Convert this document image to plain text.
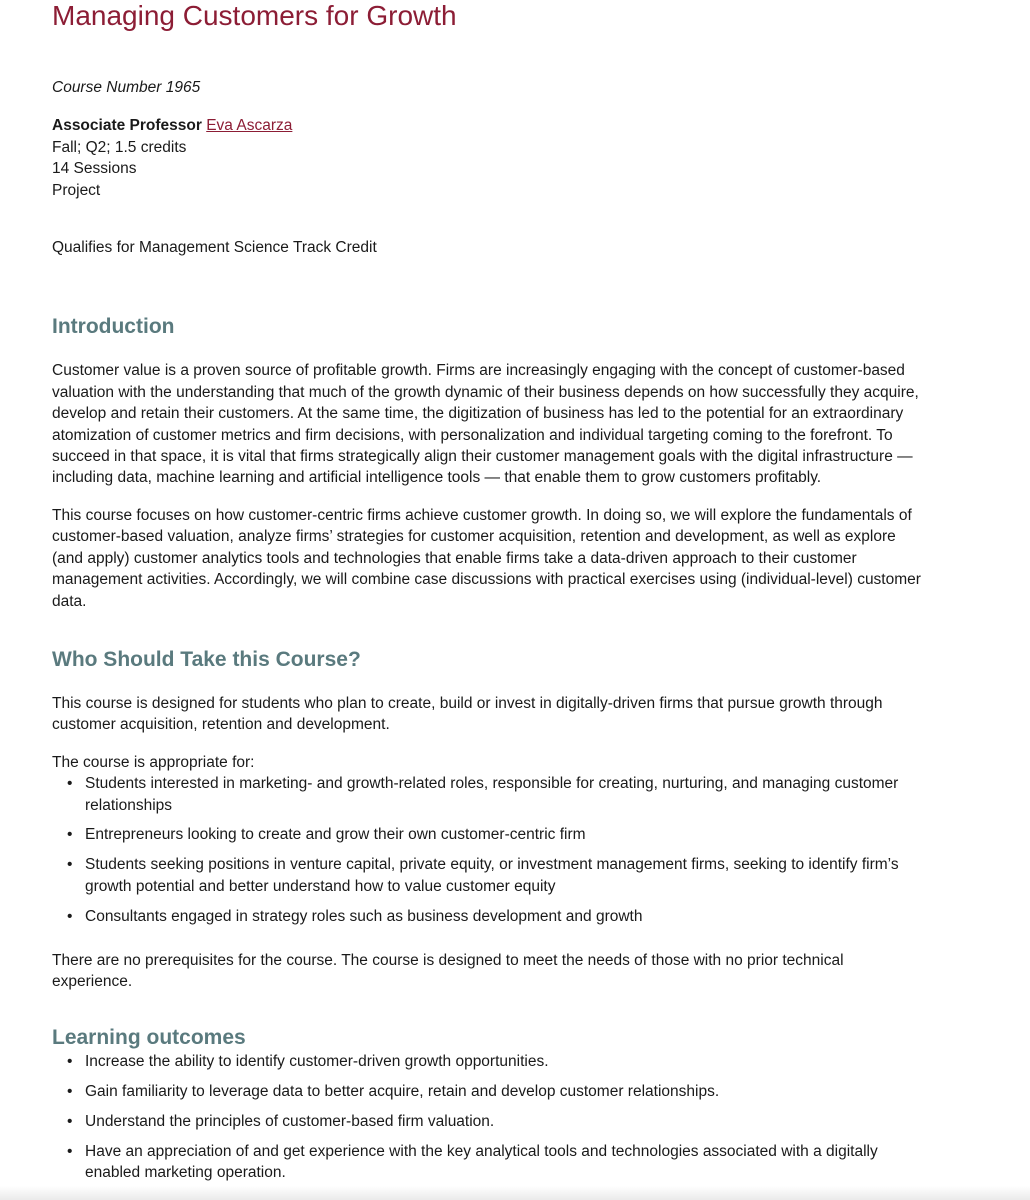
Managing Customers for Growth

Course Number 1965

Associate Professor Eva Ascarza
Fall; Q2; 1.5 credits
14 Sessions
Project

Qualifies for Management Science Track Credit

Introduction

Customer value is a proven source of profitable growth. Firms are increasingly engaging with the concept of customer-based valuation with the understanding that much of the growth dynamic of their business depends on how successfully they acquire, develop and retain their customers. At the same time, the digitization of business has led to the potential for an extraordinary atomization of customer metrics and firm decisions, with personalization and individual targeting coming to the forefront. To succeed in that space, it is vital that firms strategically align their customer management goals with the digital infrastructure — including data, machine learning and artificial intelligence tools — that enable them to grow customers profitably.

This course focuses on how customer-centric firms achieve customer growth. In doing so, we will explore the fundamentals of customer-based valuation, analyze firms’ strategies for customer acquisition, retention and development, as well as explore (and apply) customer analytics tools and technologies that enable firms take a data-driven approach to their customer management activities. Accordingly, we will combine case discussions with practical exercises using (individual-level) customer data.

Who Should Take this Course?

This course is designed for students who plan to create, build or invest in digitally-driven firms that pursue growth through customer acquisition, retention and development.

The course is appropriate for:

• Students interested in marketing- and growth-related roles, responsible for creating, nurturing, and managing customer relationships
• Entrepreneurs looking to create and grow their own customer-centric firm
• Students seeking positions in venture capital, private equity, or investment management firms, seeking to identify firm’s growth potential and better understand how to value customer equity
• Consultants engaged in strategy roles such as business development and growth

There are no prerequisites for the course. The course is designed to meet the needs of those with no prior technical experience.

Learning outcomes
• Increase the ability to identify customer-driven growth opportunities.
• Gain familiarity to leverage data to better acquire, retain and develop customer relationships.
• Understand the principles of customer-based firm valuation.
• Have an appreciation of and get experience with the key analytical tools and technologies associated with a digitally enabled marketing operation.
